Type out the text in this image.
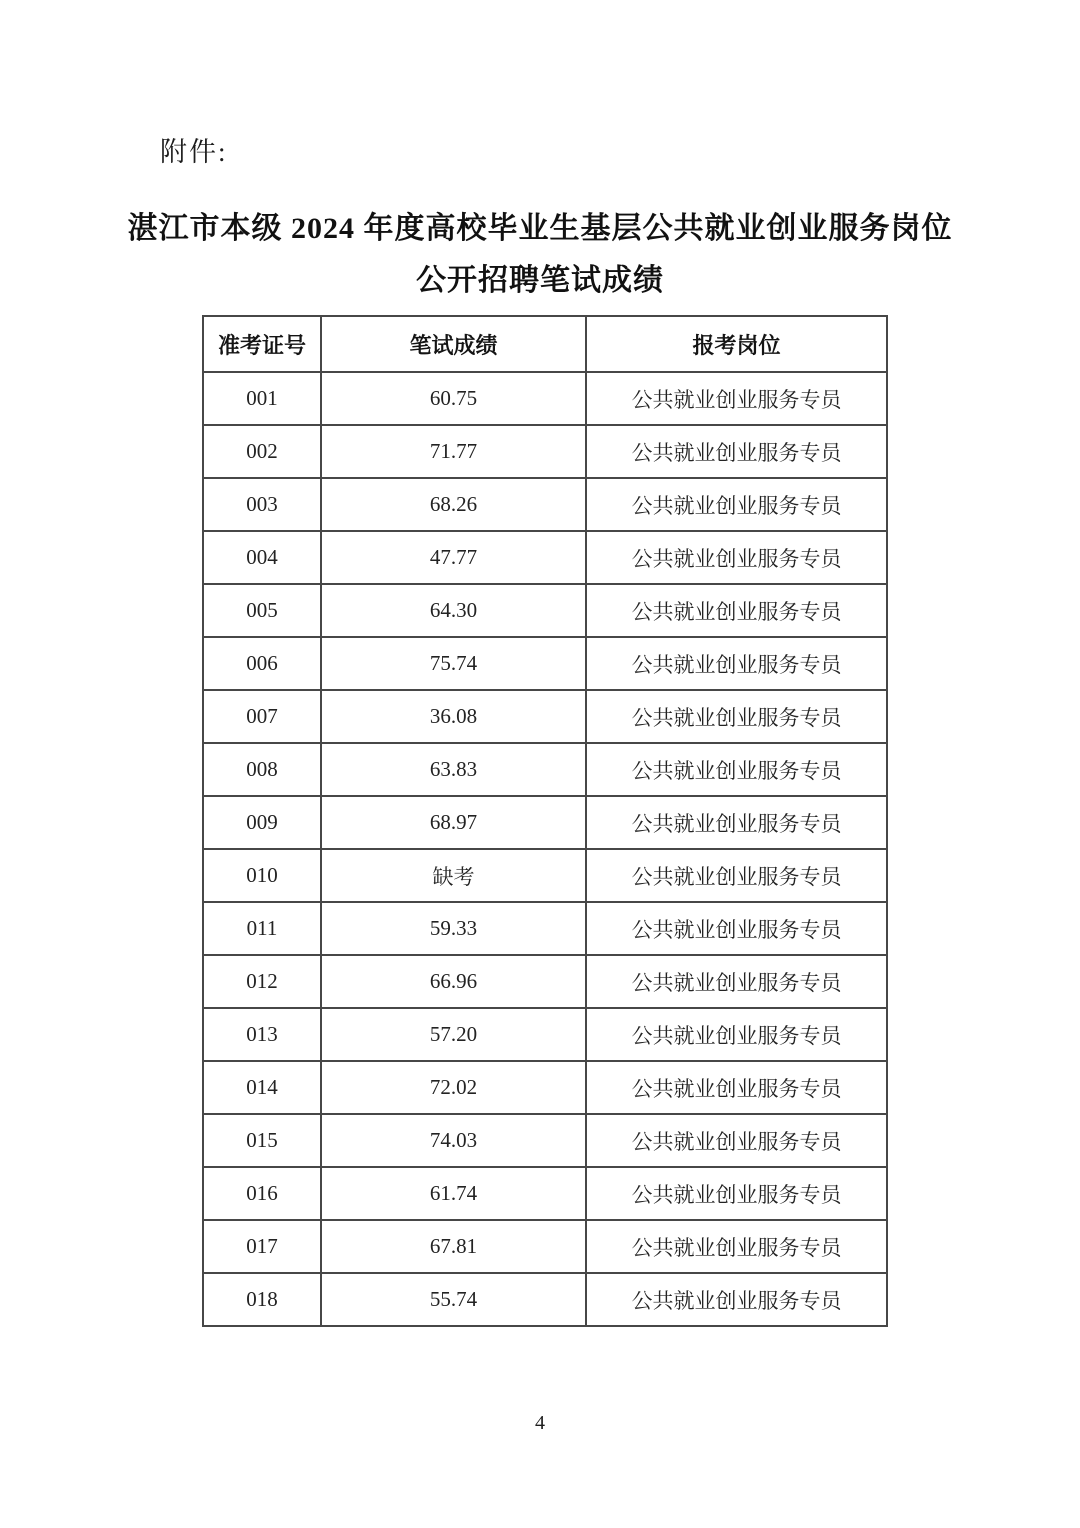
附件:
湛江市本级 2024 年度高校毕业生基层公共就业创业服务岗位
公开招聘笔试成绩
准考证号	笔试成绩	报考岗位
001	60.75	公共就业创业服务专员
002	71.77	公共就业创业服务专员
003	68.26	公共就业创业服务专员
004	47.77	公共就业创业服务专员
005	64.30	公共就业创业服务专员
006	75.74	公共就业创业服务专员
007	36.08	公共就业创业服务专员
008	63.83	公共就业创业服务专员
009	68.97	公共就业创业服务专员
010	缺考	公共就业创业服务专员
011	59.33	公共就业创业服务专员
012	66.96	公共就业创业服务专员
013	57.20	公共就业创业服务专员
014	72.02	公共就业创业服务专员
015	74.03	公共就业创业服务专员
016	61.74	公共就业创业服务专员
017	67.81	公共就业创业服务专员
018	55.74	公共就业创业服务专员
4
